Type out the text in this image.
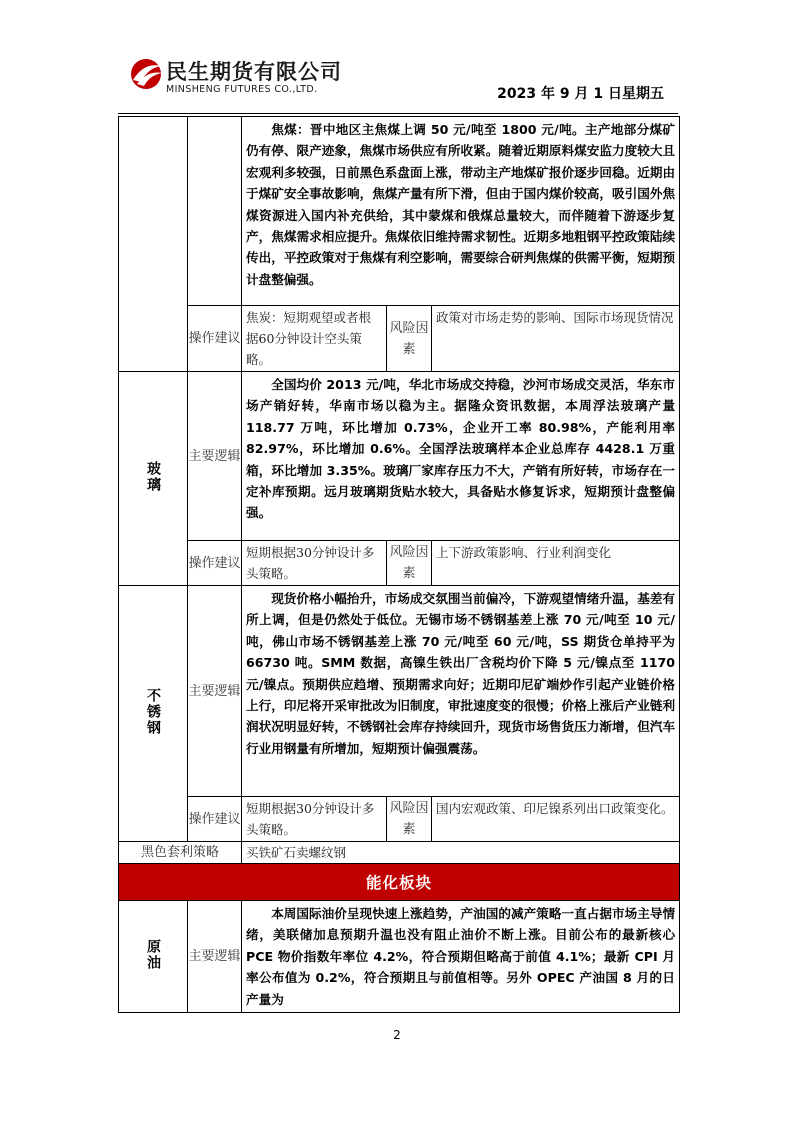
民生期货有限公司
MINSHENG FUTURES CO.,LTD.	2023 年 9 月 1 日星期五

		焦煤：晋中地区主焦煤上调 50 元/吨至 1800 元/吨。主产地部分煤矿仍有停、限产迹象，焦煤市场供应有所收紧。随着近期原料煤安监力度较大且宏观利多较强，日前黑色系盘面上涨，带动主产地煤矿报价逐步回稳。近期由于煤矿安全事故影响，焦煤产量有所下滑，但由于国内煤价较高，吸引国外焦煤资源进入国内补充供给，其中蒙煤和俄煤总量较大，而伴随着下游逐步复产，焦煤需求相应提升。焦煤依旧维持需求韧性。近期多地粗钢平控政策陆续传出，平控政策对于焦煤有利空影响，需要综合研判焦煤的供需平衡，短期预计盘整偏强。		

	操作建议	焦炭：短期观望或者根据60分钟设计空头策略。	风险因素	政策对市场走势的影响、国际市场现货情况
玻璃	主要逻辑	全国均价 2013 元/吨，华北市场成交持稳，沙河市场成交灵活，华东市场产销好转，华南市场以稳为主。据隆众资讯数据，本周浮法玻璃产量 118.77 万吨，环比增加 0.73%，企业开工率 80.98%，产能利用率 82.97%，环比增加 0.6%。全国浮法玻璃样本企业总库存 4428.1 万重箱，环比增加 3.35%。玻璃厂家库存压力不大，产销有所好转，市场存在一定补库预期。远月玻璃期货贴水较大，具备贴水修复诉求，短期预计盘整偏强。		

	操作建议	短期根据30分钟设计多头策略。	风险因素	上下游政策影响、行业利润变化
不锈钢	主要逻辑	现货价格小幅抬升，市场成交氛围当前偏冷，下游观望情绪升温，基差有所上调，但是仍然处于低位。无锡市场不锈钢基差上涨 70 元/吨至 10 元/吨，佛山市场不锈钢基差上涨 70 元/吨至 60 元/吨，SS 期货仓单持平为 66730 吨。SMM 数据，高镍生铁出厂含税均价下降 5 元/镍点至 1170 元/镍点。预期供应趋增、预期需求向好；近期印尼矿端炒作引起产业链价格上行，印尼将开采审批改为旧制度，审批速度变的很慢；价格上涨后产业链利润状况明显好转，不锈钢社会库存持续回升，现货市场售货压力渐增，但汽车行业用钢量有所增加，短期预计偏强震荡。		

	操作建议	短期根据30分钟设计多头策略。	风险因素	国内宏观政策、印尼镍系列出口政策变化。
黑色套利策略		买铁矿石卖螺纹钢		
能化板块				
原油	主要逻辑	本周国际油价呈现快速上涨趋势，产油国的减产策略一直占据市场主导情绪，美联储加息预期升温也没有阻止油价不断上涨。目前公布的最新核心 PCE 物价指数年率位 4.2%，符合预期但略高于前值 4.1%；最新 CPI 月率公布值为 0.2%，符合预期且与前值相等。另外 OPEC 产油国 8 月的日产量为		

2
